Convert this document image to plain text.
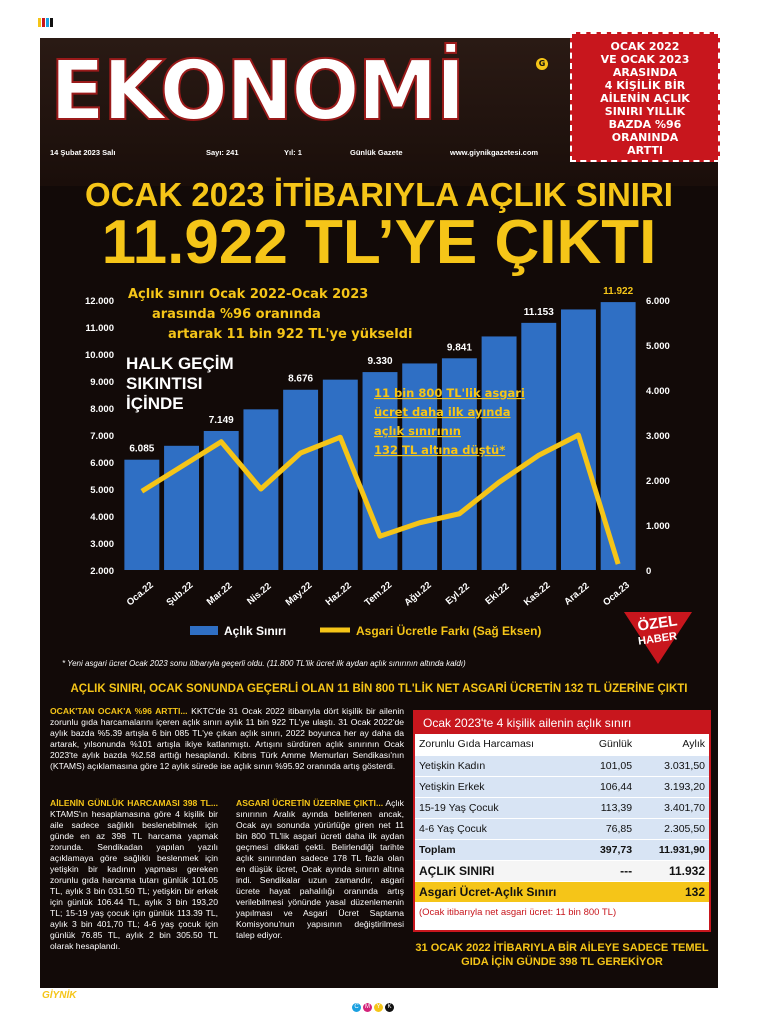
EKONOMİ	G
14 Şubat 2023 Salı	Sayı: 241	Yıl: 1	Günlük Gazete	www.giynikgazetesi.com
OCAK 2023 İTİBARIYLA AÇLIK SINIRI
11.922 TL’YE ÇIKTI
6.085
7.149
8.676
9.330
9.841
11.153
11.922
2.000
3.000
4.000
5.000
6.000
7.000
8.000
9.000
10.000
11.000
12.000
0
1.000
2.000
3.000
4.000
5.000
6.000
Oca.22 Şub.22 Mar.22 Nis.22 May.22 Haz.22 Tem.22 Ağu.22 Eyl.22 Eki.22 Kas.22 Ara.22 Oca.23
Açlık sınırı Ocak 2022-Ocak 2023
arasında %96 oranında
artarak 11 bin 922 TL'ye yükseldi
HALK GEÇİM
SIKINTISI
İÇİNDE
11 bin 800 TL'lik asgari
ücret daha ilk ayında
açlık sınırının
132 TL altına düştü*
Açlık Sınırı	Asgari Ücretle Farkı (Sağ Eksen)
* Yeni asgari ücret Ocak 2023 sonu itibarıyla geçerli oldu. (11.800 TL'lik ücret ilk aydan açlık sınırının altında kaldı)
ÖZEL
HABER
AÇLIK SINIRI, OCAK SONUNDA GEÇERLİ OLAN 11 BİN 800 TL'LİK NET ASGARİ ÜCRETİN 132 TL ÜZERİNE ÇIKTI
OCAK'TAN OCAK'A %96 ARTTI... KKTC'de 31 Ocak 2022 itibarıyla dört kişilik bir ailenin zorunlu gıda harcamalarını içeren açlık sınırı aylık 11 bin 922 TL'ye ulaştı. 31 Ocak 2022'de aylık bazda %5.39 artışla 6 bin 085 TL'ye çıkan açlık sınırı, 2022 boyunca her ay daha da artarak, yılsonunda %101 artışla ikiye katlanmıştı. Artışını sürdüren açlık sınırının Ocak 2023'te aylık bazda %2.58 arttığı hesaplandı. Kıbrıs Türk Amme Memurları Sendikası'nın (KTAMS) açıklamasına göre 12 aylık sürede ise açlık sınırı %95.92 oranında artış gösterdi.
AİLENİN GÜNLÜK HARCAMASI 398 TL... KTAMS'ın hesaplamasına göre 4 kişilik bir aile sadece sağlıklı beslenebilmek için günde en az 398 TL harcama yapmak zorunda. Sendikadan yapılan yazılı açıklamaya göre sağlıklı beslenmek için yetişkin bir kadının yapması gereken zorunlu gıda harcama tutarı günlük 101.05 TL, aylık 3 bin 031.50 TL; yetişkin bir erkek için günlük 106.44 TL, aylık 3 bin 193,20 TL; 15-19 yaş çocuk için günlük 113.39 TL, aylık 3 bin 401,70 TL; 4-6 yaş çocuk için günlük 76.85 TL, aylık 2 bin 305.50 TL olarak hesaplandı.
ASGARİ ÜCRETİN ÜZERİNE ÇIKTI... Açlık sınırının Aralık ayında belirlenen ancak, Ocak ayı sonunda yürürlüğe giren net 11 bin 800 TL'lik asgari ücreti daha ilk aydan geçmesi dikkati çekti. Belirlendiği tarihte açlık sınırından sadece 178 TL fazla olan en düşük ücret, Ocak ayında sınırın altına indi. Sendikalar uzun zamandır, asgari ücrete hayat pahalılığı oranında artış verilebilmesi yönünde yasal düzenlemenin yapılması ve Asgari Ücret Saptama Komisyonu'nun yapısının değiştirilmesi talep ediyor.
Ocak 2023'te 4 kişilik ailenin açlık sınırı
Zorunlu Gıda Harcaması	Günlük	Aylık
Yetişkin Kadın	101,05	3.031,50
Yetişkin Erkek	106,44	3.193,20
15-19 Yaş Çocuk	113,39	3.401,70
4-6 Yaş Çocuk	76,85	2.305,50
Toplam	397,73	11.931,90
AÇLIK SINIRI	---	11.932
Asgari Ücret-Açlık Sınırı		132
(Ocak itibarıyla net asgari ücret: 11 bin 800 TL)		
31 OCAK 2022 İTİBARIYLA BİR AİLEYE SADECE TEMEL GIDA İÇİN GÜNDE 398 TL GEREKİYOR
OCAK 2022
VE OCAK 2023
ARASINDA
4 KİŞİLİK BİR
AİLENİN AÇLIK
SINIRI YILLIK
BAZDA %96
ORANINDA
ARTTI
GİYNİK
C M Y K
